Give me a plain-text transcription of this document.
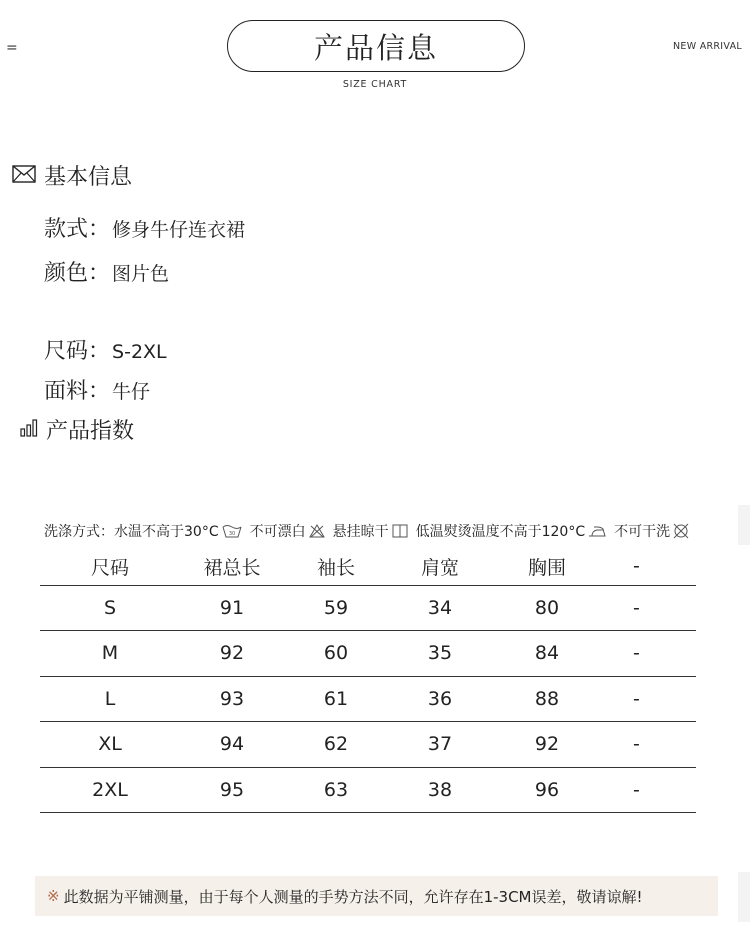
=	产品信息
SIZE CHART
NEW ARRIVAL
基本信息
款式 ： 修身牛仔连衣裙
颜色 ： 图片色
尺码 ： S-2XL
面料 ： 牛仔
产品指数
洗涤方式： 水温不高于30°C 30 不可漂白 悬挂晾干 低温熨烫温度不高于120°C 不可干洗
尺码	裙总长	袖长	肩宽	胸围	-
S	91	59	34	80	-
M	92	60	35	84	-
L	93	61	36	88	-
XL	94	62	37	92	-
2XL	95	63	38	96	-
※ 此数据为平铺测量，由于每个人测量的手势方法不同，允许存在1-3CM误差，敬请谅解!
